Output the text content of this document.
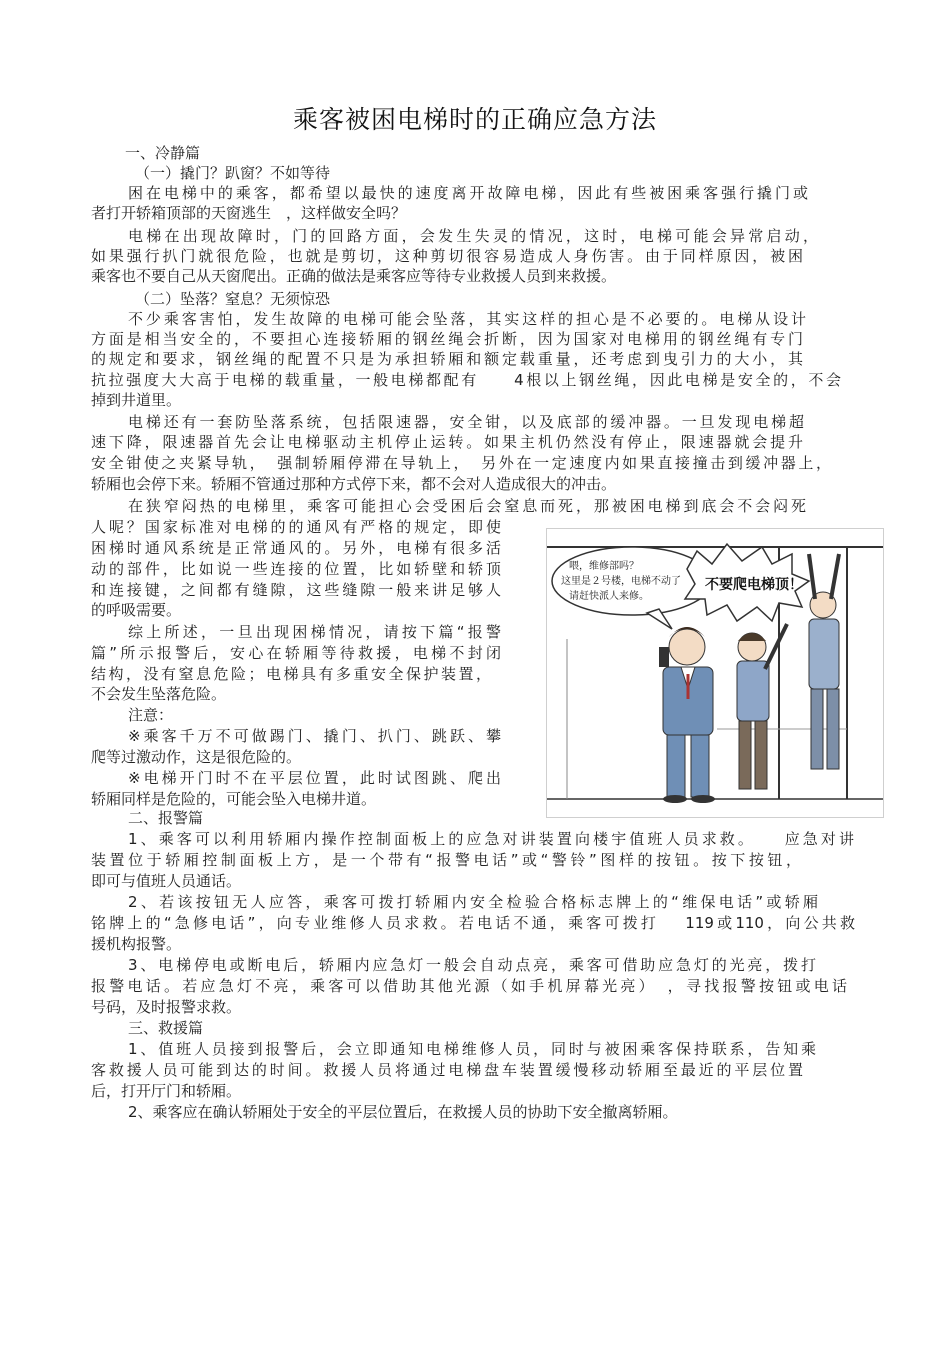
乘客被困电梯时的正确应急方法
一、冷静篇
（一）撬门？趴窗？不如等待
困在电梯中的乘客，都希望以最快的速度离开故障电梯，因此有些被困乘客强行撬门或
者打开轿箱顶部的天窗逃生　，这样做安全吗？
电梯在出现故障时，门的回路方面，会发生失灵的情况，这时，电梯可能会异常启动，
如果强行扒门就很危险，也就是剪切，这种剪切很容易造成人身伤害。由于同样原因，被困
乘客也不要自己从天窗爬出。正确的做法是乘客应等待专业救援人员到来救援。
（二）坠落？窒息？无须惊恐
不少乘客害怕，发生故障的电梯可能会坠落，其实这样的担心是不必要的。电梯从设计
方面是相当安全的，不要担心连接轿厢的钢丝绳会折断，因为国家对电梯用的钢丝绳有专门
的规定和要求，钢丝绳的配置不只是为承担轿厢和额定载重量，还考虑到曳引力的大小，其
抗拉强度大大高于电梯的载重量，一般电梯都配有　　4根以上钢丝绳，因此电梯是安全的，不会
掉到井道里。
电梯还有一套防坠落系统，包括限速器，安全钳，以及底部的缓冲器。一旦发现电梯超
速下降，限速器首先会让电梯驱动主机停止运转。如果主机仍然没有停止，限速器就会提升
安全钳使之夹紧导轨，　强制轿厢停滞在导轨上，　另外在一定速度内如果直接撞击到缓冲器上，
轿厢也会停下来。轿厢不管通过那种方式停下来，都不会对人造成很大的冲击。
在狭窄闷热的电梯里，乘客可能担心会受困后会窒息而死，那被困电梯到底会不会闷死
人呢？国家标准对电梯的的通风有严格的规定，即使
困梯时通风系统是正常通风的。另外，电梯有很多活
动的部件，比如说一些连接的位置，比如轿壁和轿顶
和连接键，之间都有缝隙，这些缝隙一般来讲足够人
的呼吸需要。
综上所述，一旦出现困梯情况，请按下篇“报警
篇”所示报警后，安心在轿厢等待救援，电梯不封闭
结构，没有窒息危险；电梯具有多重安全保护装置，
不会发生坠落危险。
注意：
※乘客千万不可做踢门、撬门、扒门、跳跃、攀
爬等过激动作，这是很危险的。
※电梯开门时不在平层位置，此时试图跳、爬出
轿厢同样是危险的，可能会坠入电梯井道。
二、报警篇
1、乘客可以利用轿厢内操作控制面板上的应急对讲装置向楼宇值班人员求救。　　应急对讲
装置位于轿厢控制面板上方，是一个带有“报警电话”或“警铃”图样的按钮。按下按钮，
即可与值班人员通话。
2、若该按钮无人应答，乘客可拨打轿厢内安全检验合格标志牌上的“维保电话”或轿厢
铭牌上的“急修电话”，向专业维修人员求救。若电话不通，乘客可拨打　 119或110，向公共救
援机构报警。
3、电梯停电或断电后，轿厢内应急灯一般会自动点亮，乘客可借助应急灯的光亮，拨打
报警电话。若应急灯不亮，乘客可以借助其他光源（如手机屏幕光亮）　，寻找报警按钮或电话
号码，及时报警求救。
三、救援篇
1、值班人员接到报警后，会立即通知电梯维修人员，同时与被困乘客保持联系，告知乘
客救援人员可能到达的时间。救援人员将通过电梯盘车装置缓慢移动轿厢至最近的平层位置
后，打开厅门和轿厢。
2、乘客应在确认轿厢处于安全的平层位置后，在救援人员的协助下安全撤离轿厢。
喂，维修部吗？
这里是２号楼，电梯不动了
请赶快派人来修。
不要爬电梯顶！
